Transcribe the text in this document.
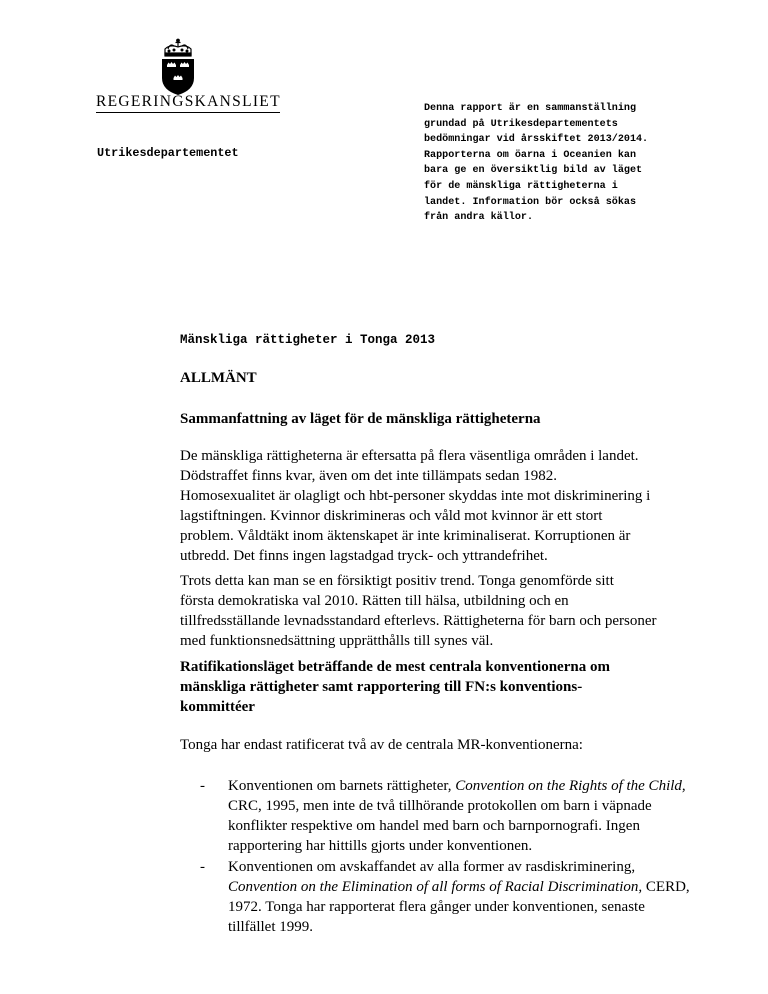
REGERINGSKANSLIET

Utrikesdepartementet

Denna rapport är en sammanställning
grundad på Utrikesdepartementets
bedömningar vid årsskiftet 2013/2014.
Rapporterna om öarna i Oceanien kan
bara ge en översiktlig bild av läget
för de mänskliga rättigheterna i
landet. Information bör också sökas
från andra källor.

Mänskliga rättigheter i Tonga 2013
ALLMÄNT
Sammanfattning av läget för de mänskliga rättigheterna

De mänskliga rättigheterna är eftersatta på flera väsentliga områden i landet.
Dödstraffet finns kvar, även om det inte tillämpats sedan 1982.
Homosexualitet är olagligt och hbt-personer skyddas inte mot diskriminering i
lagstiftningen. Kvinnor diskrimineras och våld mot kvinnor är ett stort
problem. Våldtäkt inom äktenskapet är inte kriminaliserat. Korruptionen är
utbredd. Det finns ingen lagstadgad tryck- och yttrandefrihet.

Trots detta kan man se en försiktigt positiv trend. Tonga genomförde sitt
första demokratiska val 2010. Rätten till hälsa, utbildning och en
tillfredsställande levnadsstandard efterlevs. Rättigheterna för barn och personer
med funktionsnedsättning upprätthålls till synes väl.

Ratifikationsläget beträffande de mest centrala konventionerna om
mänskliga rättigheter samt rapportering till FN:s konventions-
kommittéer

Tonga har endast ratificerat två av de centrala MR-konventionerna:

- Konventionen om barnets rättigheter, Convention on the Rights of the Child,
CRC, 1995, men inte de två tillhörande protokollen om barn i väpnade
konflikter respektive om handel med barn och barnpornografi. Ingen
rapportering har hittills gjorts under konventionen.
- Konventionen om avskaffandet av alla former av rasdiskriminering,
Convention on the Elimination of all forms of Racial Discrimination, CERD,
1972. Tonga har rapporterat flera gånger under konventionen, senaste
tillfället 1999.
